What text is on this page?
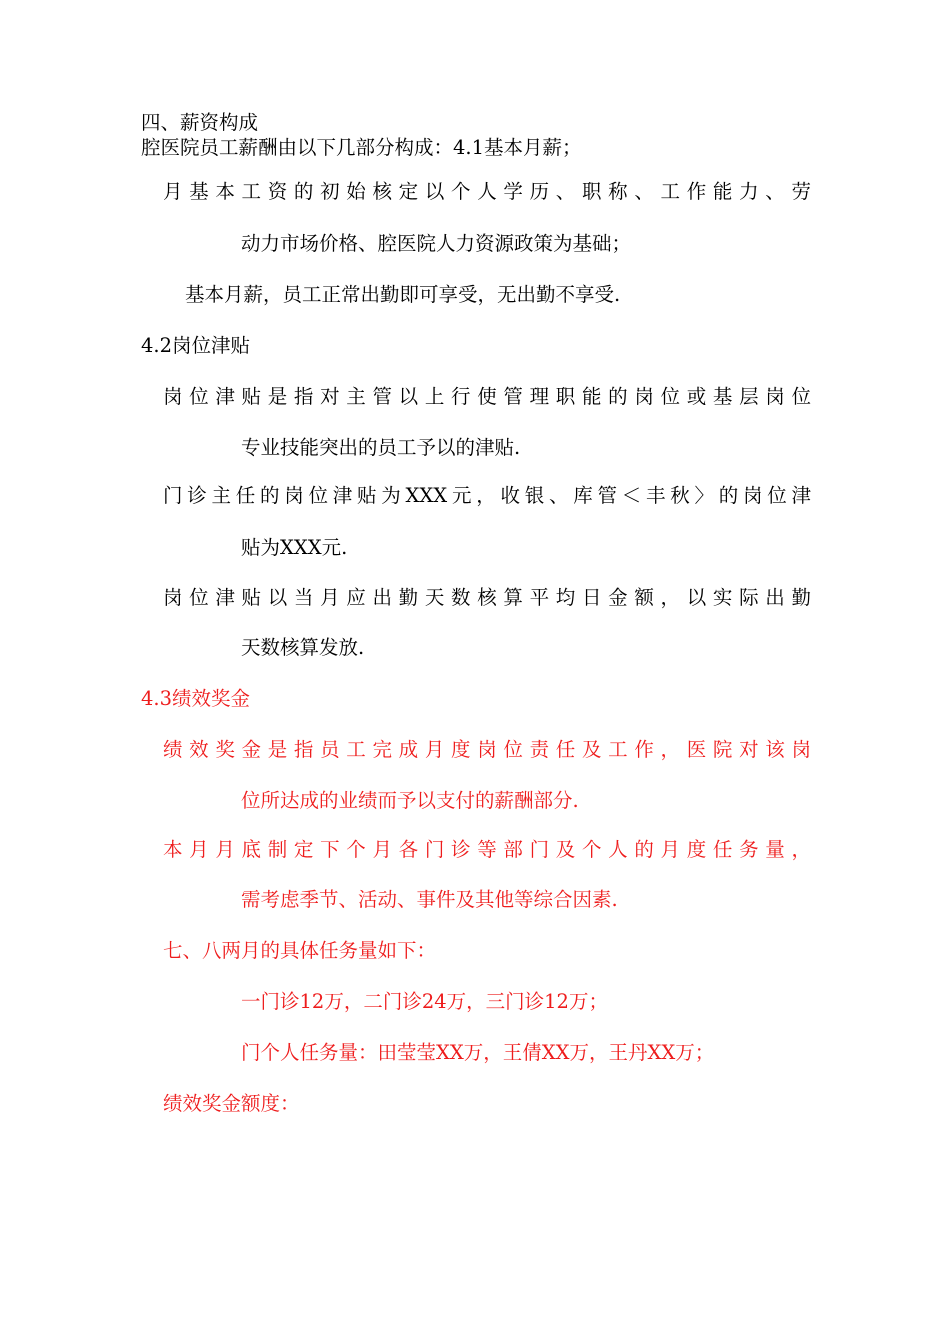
四、薪资构成
腔医院员工薪酬由以下几部分构成：4.1基本月薪；
月基本工资的初始核定以个人学历、职称、工作能力、劳
动力市场价格、腔医院人力资源政策为基础；
基本月薪，员工正常出勤即可享受，无出勤不享受.
4.2岗位津贴
岗位津贴是指对主管以上行使管理职能的岗位或基层岗位
专业技能突出的员工予以的津贴.
门诊主任的岗位津贴为XXX元，收银、库管＜丰秋〉的岗位津
贴为XXX元.
岗位津贴以当月应出勤天数核算平均日金额，以实际出勤
天数核算发放.
4.3绩效奖金
绩效奖金是指员工完成月度岗位责任及工作，医院对该岗
位所达成的业绩而予以支付的薪酬部分.
本月月底制定下个月各门诊等部门及个人的月度任务量，
需考虑季节、活动、事件及其他等综合因素.
七、八两月的具体任务量如下：
一门诊12万，二门诊24万，三门诊12万；
门个人任务量：田莹莹XX万，王倩XX万，王丹XX万；
绩效奖金额度：
